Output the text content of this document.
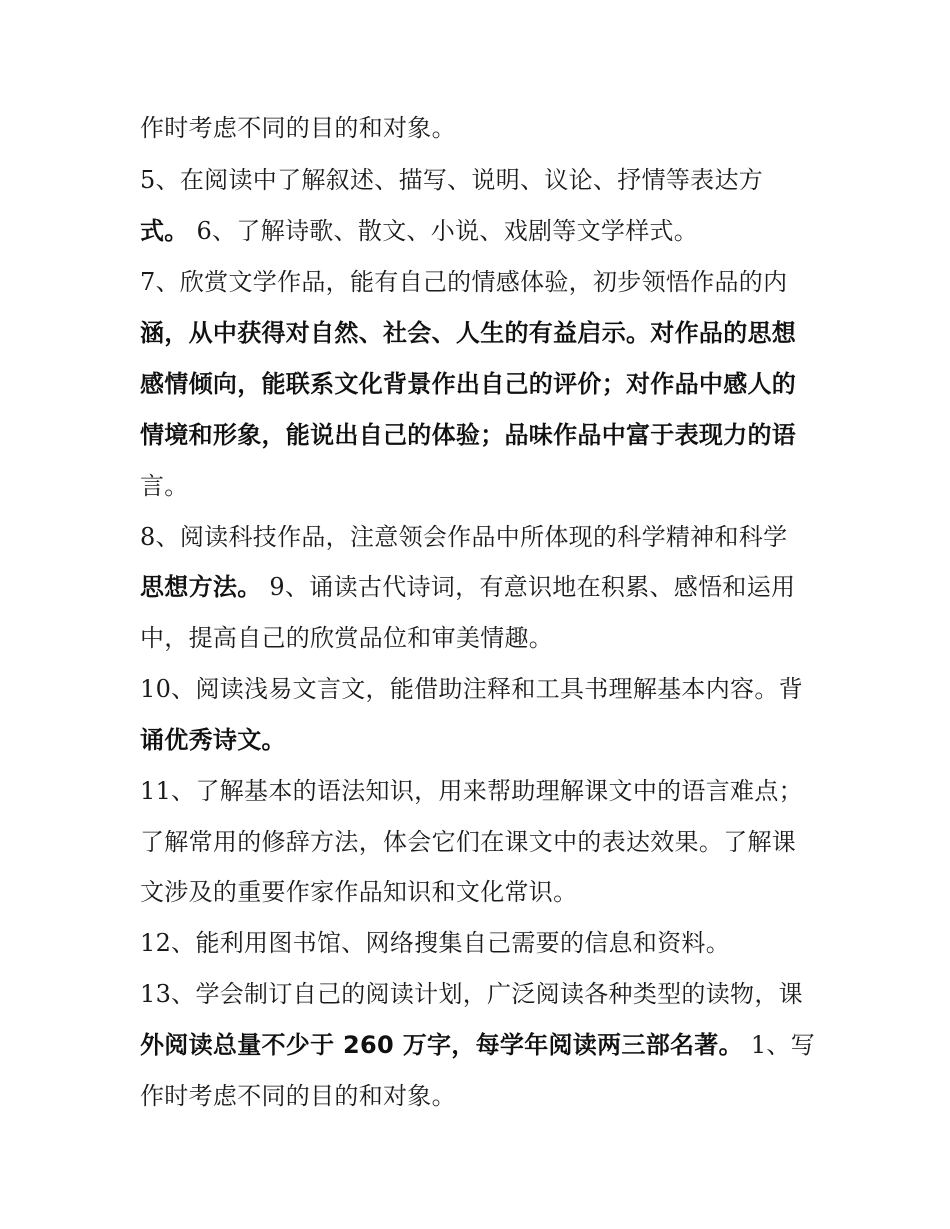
作时考虑不同的目的和对象。
5、在阅读中了解叙述、描写、说明、议论、抒情等表达方
式。 6、了解诗歌、散文、小说、戏剧等文学样式。
7、欣赏文学作品，能有自己的情感体验，初步领悟作品的内
涵，从中获得对自然、社会、人生的有益启示。对作品的思想
感情倾向，能联系文化背景作出自己的评价；对作品中感人的
情境和形象，能说出自己的体验；品味作品中富于表现力的语
言。
8、阅读科技作品，注意领会作品中所体现的科学精神和科学
思想方法。 9、诵读古代诗词，有意识地在积累、感悟和运用
中，提高自己的欣赏品位和审美情趣。
10、阅读浅易文言文，能借助注释和工具书理解基本内容。背
诵优秀诗文。
11、了解基本的语法知识，用来帮助理解课文中的语言难点；
了解常用的修辞方法，体会它们在课文中的表达效果。了解课
文涉及的重要作家作品知识和文化常识。
12、能利用图书馆、网络搜集自己需要的信息和资料。
13、学会制订自己的阅读计划，广泛阅读各种类型的读物，课
外阅读总量不少于 260 万字，每学年阅读两三部名著。 1、写
作时考虑不同的目的和对象。
